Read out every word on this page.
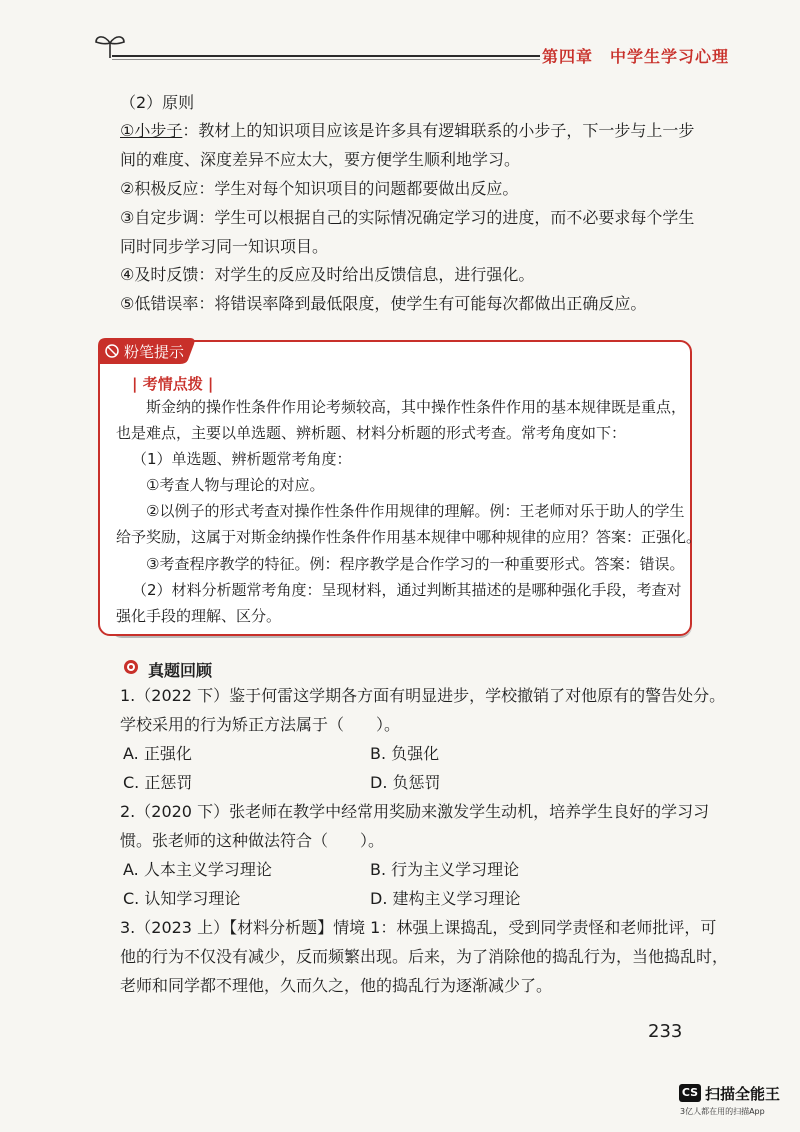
第四章　中学生学习心理
（2）原则
①小步子：教材上的知识项目应该是许多具有逻辑联系的小步子，下一步与上一步
间的难度、深度差异不应太大，要方便学生顺利地学习。
②积极反应：学生对每个知识项目的问题都要做出反应。
③自定步调：学生可以根据自己的实际情况确定学习的进度，而不必要求每个学生
同时同步学习同一知识项目。
④及时反馈：对学生的反应及时给出反馈信息，进行强化。
⑤低错误率：将错误率降到最低限度，使学生有可能每次都做出正确反应。
粉笔提示
| 考情点拨 |
斯金纳的操作性条件作用论考频较高，其中操作性条件作用的基本规律既是重点，
也是难点，主要以单选题、辨析题、材料分析题的形式考查。常考角度如下：
（1）单选题、辨析题常考角度：
①考查人物与理论的对应。
②以例子的形式考查对操作性条件作用规律的理解。例：王老师对乐于助人的学生
给予奖励，这属于对斯金纳操作性条件作用基本规律中哪种规律的应用？答案：正强化。
③考查程序教学的特征。例：程序教学是合作学习的一种重要形式。答案：错误。
（2）材料分析题常考角度：呈现材料，通过判断其描述的是哪种强化手段，考查对
强化手段的理解、区分。
真题回顾
1.（2022 下）鉴于何雷这学期各方面有明显进步，学校撤销了对他原有的警告处分。
学校采用的行为矫正方法属于（　　）。
A. 正强化	B. 负强化
C. 正惩罚	D. 负惩罚
2.（2020 下）张老师在教学中经常用奖励来激发学生动机，培养学生良好的学习习
惯。张老师的这种做法符合（　　）。
A. 人本主义学习理论	B. 行为主义学习理论
C. 认知学习理论	D. 建构主义学习理论
3.（2023 上）【材料分析题】情境 1：林强上课捣乱，受到同学责怪和老师批评，可
他的行为不仅没有减少，反而频繁出现。后来，为了消除他的捣乱行为，当他捣乱时，
老师和同学都不理他，久而久之，他的捣乱行为逐渐减少了。
233
CS 扫描全能王
3亿人都在用的扫描App
